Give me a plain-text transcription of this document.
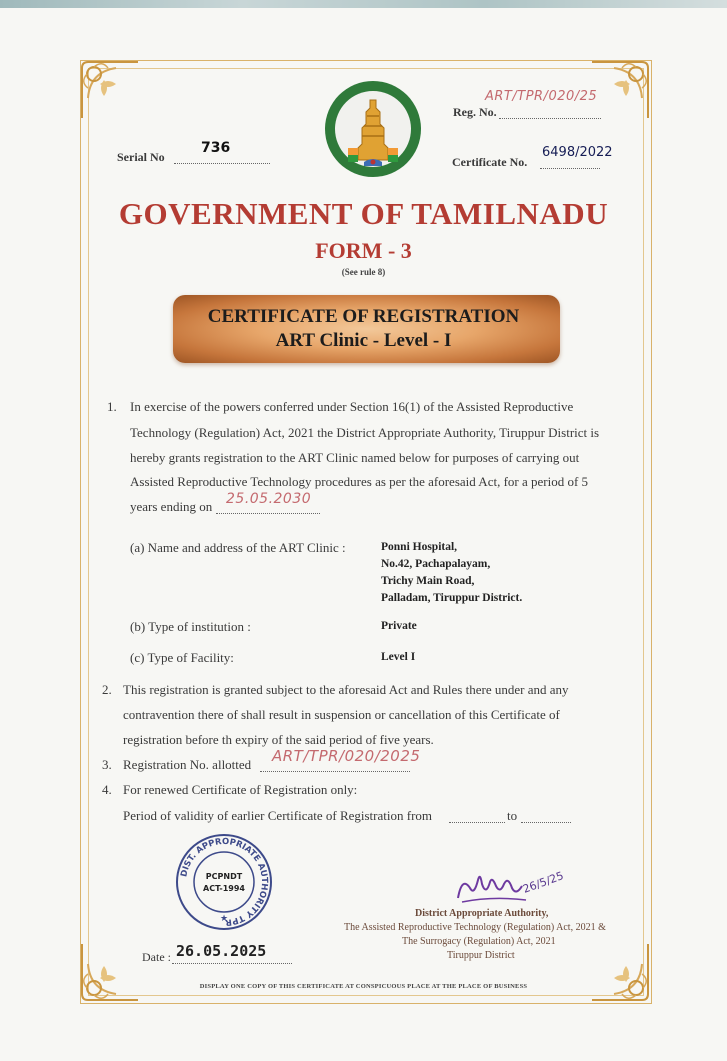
Serial No
736
Reg. No.
ART/TPR/020/25
Certificate No.
6498/2022
GOVERNMENT OF TAMILNADU
FORM - 3
(See rule 8)
CERTIFICATE OF REGISTRATION
ART Clinic - Level - I
1. In exercise of the powers conferred under Section 16(1) of the Assisted Reproductive
Technology (Regulation) Act, 2021 the District Appropriate Authority, Tiruppur District is
hereby grants registration to the ART Clinic named below for purposes of carrying out
Assisted Reproductive Technology procedures as per the aforesaid Act, for a period of 5
years ending on 25.05.2030
(a) Name and address of the ART Clinic :	Ponni Hospital,
No.42, Pachapalayam,
Trichy Main Road,
Palladam, Tiruppur District.
(b) Type of institution :	Private
(c) Type of Facility:	Level I
2. This registration is granted subject to the aforesaid Act and Rules there under and any
contravention there of shall result in suspension or cancellation of this Certificate of
registration before th expiry of the said period of five years.
3. Registration No. allotted ART/TPR/020/2025
4. For renewed Certificate of Registration only:
Period of validity of earlier Certificate of Registration from	to
DIST. APPROPRIATE AUTHORITY TPR
PCPNDT
ACT-1994
★
Date : 26.05.2025
26/5/25
District Appropriate Authority,
The Assisted Reproductive Technology (Regulation) Act, 2021 &
The Surrogacy (Regulation) Act, 2021
Tiruppur District
DISPLAY ONE COPY OF THIS CERTIFICATE AT CONSPICUOUS PLACE AT THE PLACE OF BUSINESS
